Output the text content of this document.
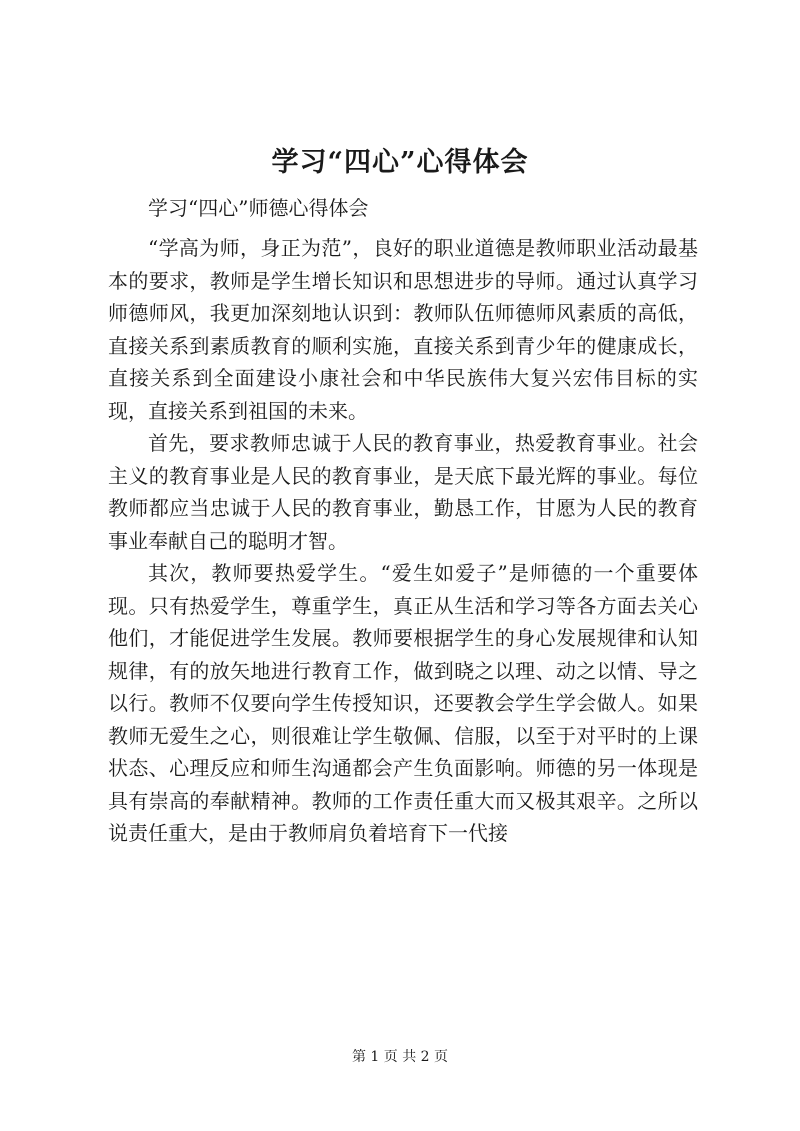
学习“四心”心得体会

学习“四心”师德心得体会

“学高为师，身正为范”，良好的职业道德是教师职业活动最基本的要求，教师是学生增长知识和思想进步的导师。通过认真学习师德师风，我更加深刻地认识到：教师队伍师德师风素质的高低，直接关系到素质教育的顺利实施，直接关系到青少年的健康成长，直接关系到全面建设小康社会和中华民族伟大复兴宏伟目标的实现，直接关系到祖国的未来。

首先，要求教师忠诚于人民的教育事业，热爱教育事业。社会主义的教育事业是人民的教育事业，是天底下最光辉的事业。每位教师都应当忠诚于人民的教育事业，勤恳工作，甘愿为人民的教育事业奉献自己的聪明才智。

其次，教师要热爱学生。“爱生如爱子”是师德的一个重要体现。只有热爱学生，尊重学生，真正从生活和学习等各方面去关心他们，才能促进学生发展。教师要根据学生的身心发展规律和认知规律，有的放矢地进行教育工作，做到晓之以理、动之以情、导之以行。教师不仅要向学生传授知识，还要教会学生学会做人。如果教师无爱生之心，则很难让学生敬佩、信服，以至于对平时的上课状态、心理反应和师生沟通都会产生负面影响。师德的另一体现是具有崇高的奉献精神。教师的工作责任重大而又极其艰辛。之所以说责任重大，是由于教师肩负着培育下一代接

第 1 页 共 2 页
